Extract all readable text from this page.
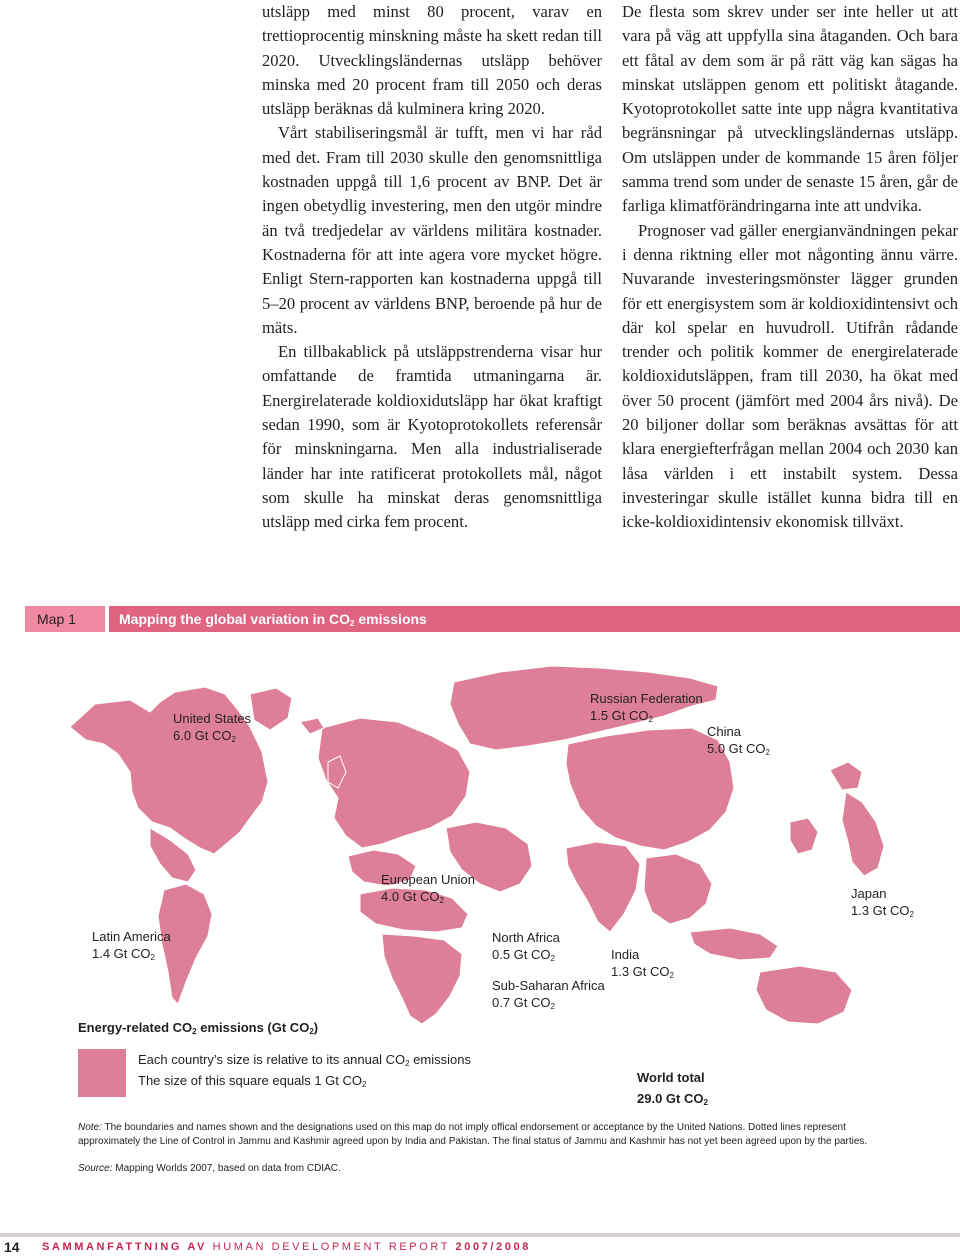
utsläpp med minst 80 procent, varav en trettioprocentig minskning måste ha skett redan till 2020. Utvecklingsländernas utsläpp behöver minska med 20 procent fram till 2050 och deras utsläpp beräknas då kulminera kring 2020.

Vårt stabiliseringsmål är tufft, men vi har råd med det. Fram till 2030 skulle den genomsnittliga kostnaden uppgå till 1,6 procent av BNP. Det är ingen obetydlig investering, men den utgör mindre än två tredjedelar av världens militära kostnader. Kostnaderna för att inte agera vore mycket högre. Enligt Stern-rapporten kan kostnaderna uppgå till 5–20 procent av världens BNP, beroende på hur de mäts.

En tillbakablick på utsläppstrenderna visar hur omfattande de framtida utmaningarna är. Energirelaterade koldioxidutsläpp har ökat kraftigt sedan 1990, som är Kyotoprotokollets referensår för minskningarna. Men alla industrialiserade länder har inte ratificerat protokollets mål, något som skulle ha minskat deras genomsnittliga utsläpp med cirka fem procent.

De flesta som skrev under ser inte heller ut att vara på väg att uppfylla sina åtaganden. Och bara ett fåtal av dem som är på rätt väg kan sägas ha minskat utsläppen genom ett politiskt åtagande. Kyotoprotokollet satte inte upp några kvantitativa begränsningar på utvecklingsländernas utsläpp. Om utsläppen under de kommande 15 åren följer samma trend som under de senaste 15 åren, går de farliga klimatförändringarna inte att undvika.

Prognoser vad gäller energianvändningen pekar i denna riktning eller mot någonting ännu värre. Nuvarande investeringsmönster lägger grunden för ett energisystem som är koldioxidintensivt och där kol spelar en huvudroll. Utifrån rådande trender och politik kommer de energirelaterade koldioxidutsläppen, fram till 2030, ha ökat med över 50 procent (jämfört med 2004 års nivå). De 20 biljoner dollar som beräknas avsättas för att klara energiefterfrågan mellan 2004 och 2030 kan låsa världen i ett instabilt system. Dessa investeringar skulle istället kunna bidra till en icke-koldioxidintensiv ekonomisk tillväxt.

Map 1	Mapping the global variation in $CO_2$ emissions
United States
6.0 Gt $CO_2$
Russian Federation
1.5 Gt $CO_2$
China
5.0 Gt $CO_2$
European Union
4.0 Gt $CO_2$	Japan
1.3 Gt $CO_2$
Latin America
1.4 Gt $CO_2$
North Africa
0.5 Gt $CO_2$
Sub-Saharan Africa
0.7 Gt $CO_2$
India
1.3 Gt $CO_2$
Energy-related $CO_2$ emissions (Gt $CO_2$)
Each country’s size is relative to its annual $CO_2$ emissions
The size of this square equals 1 Gt $CO_2$	World total
29.0 Gt $CO_2$
Note: The boundaries and names shown and the designations used on this map do not imply offical endorsement or acceptance by the United Nations. Dotted lines represent approximately the Line of Control in Jammu and Kashmir agreed upon by India and Pakistan. The final status of Jammu and Kashmir has not yet been agreed upon by the parties.
Source: Mapping Worlds 2007, based on data from CDIAC.
14 SAMMANFATTNING AV HUMAN DEVELOPMENT REPORT 2007/2008
